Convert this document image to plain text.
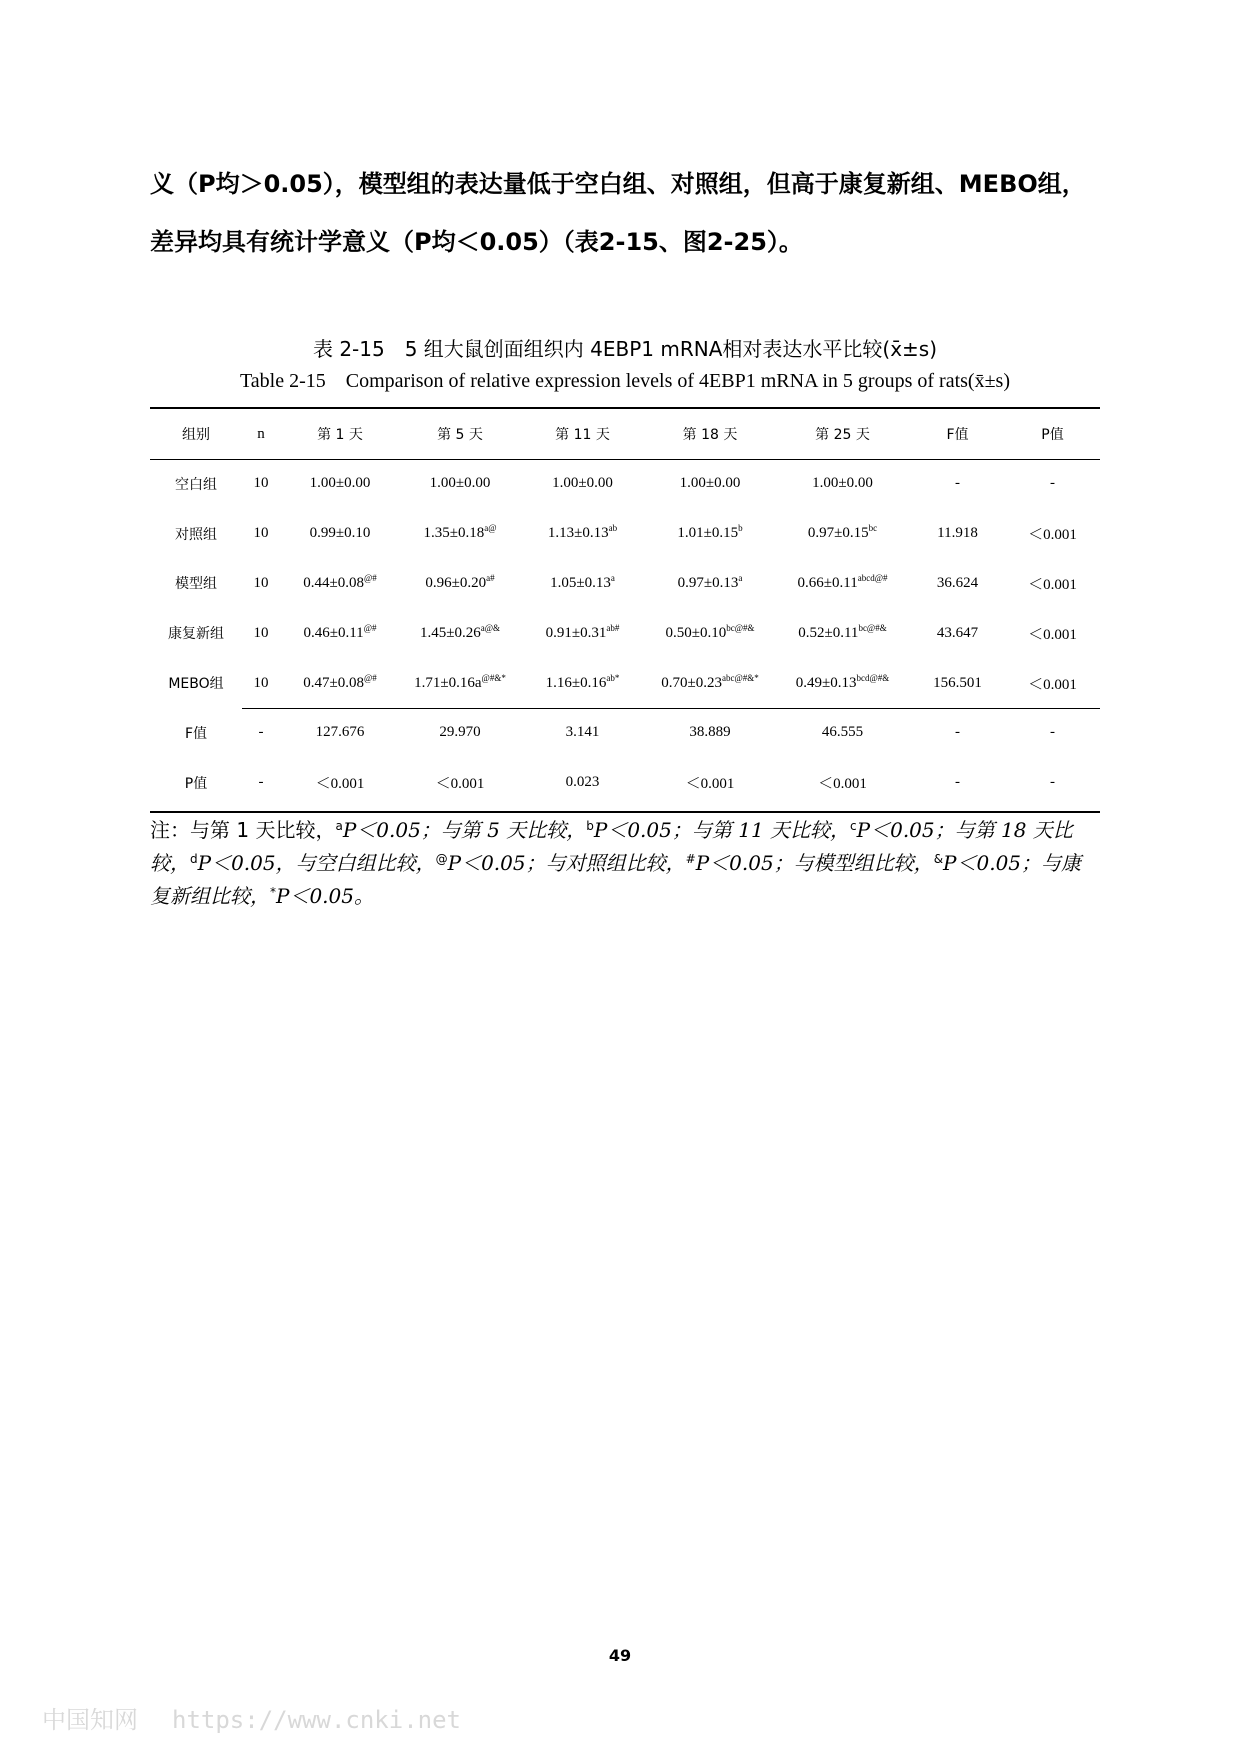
义（P均＞0.05），模型组的表达量低于空白组、对照组，但高于康复新组、MEBO组，
差异均具有统计学意义（P均＜0.05）（表2-15、图2-25）。
表 2-15　5 组大鼠创面组织内 4EBP1 mRNA相对表达水平比较(x̄±s)
Table 2-15　Comparison of relative expression levels of 4EBP1 mRNA in 5 groups of rats(x̄±s)
组别	n	第 1 天	第 5 天	第 11 天	第 18 天	第 25 天	F值	P值
空白组	10	1.00±0.00	1.00±0.00	1.00±0.00	1.00±0.00	1.00±0.00	-	-
对照组	10	0.99±0.10	$1.35\pm 0.18^{a@}$	1.13±0.13$^{ab}$	1.01±0.15$^b$	0.97±0.15$^{bc}$	11.918	＜0.001
模型组	10	0.44±0.08@#	$0.96\pm 0.20^{a\#}$	1.05±0.13$^a$	0.97±0.13$^a$	$0.66\pm 0.11^{abcd@\#}$	36.624	＜0.001
康复新组	10	0.46±0.11@#	$1.45\pm 0.26^{a@\&}$	$0.91\pm 0.31^{ab\#}$	$0.50\pm 0.10^{bc@\#\&}$	$0.52\pm 0.11^{bc@\#\&}$	43.647	＜0.001
MEBO组	10	0.47±0.08@#	1.71±0.16a@#&*	$1.16\pm 0.16^{ab*}$	$0.70\pm 0.23^{abc@\#\&*}$	$0.49\pm 0.13^{bcd@\#\&}$	156.501	＜0.001
F值	-	127.676	29.970	3.141	38.889	46.555	-	-
P值	-	＜0.001	＜0.001	0.023	＜0.001	＜0.001	-	-
注：与第 1 天比较，$^a$P＜0.05；与第 5 天比较，$^b$P＜0.05；与第 11 天比较，$^c$P＜0.05；与第 18 天比较，$^d$P＜0.05，与空白组比较，@P＜0.05；与对照组比较，#P＜0.05；与模型组比较，&P＜0.05；与康复新组比较，*P＜0.05。
49
中国知网 https://www.cnki.net
